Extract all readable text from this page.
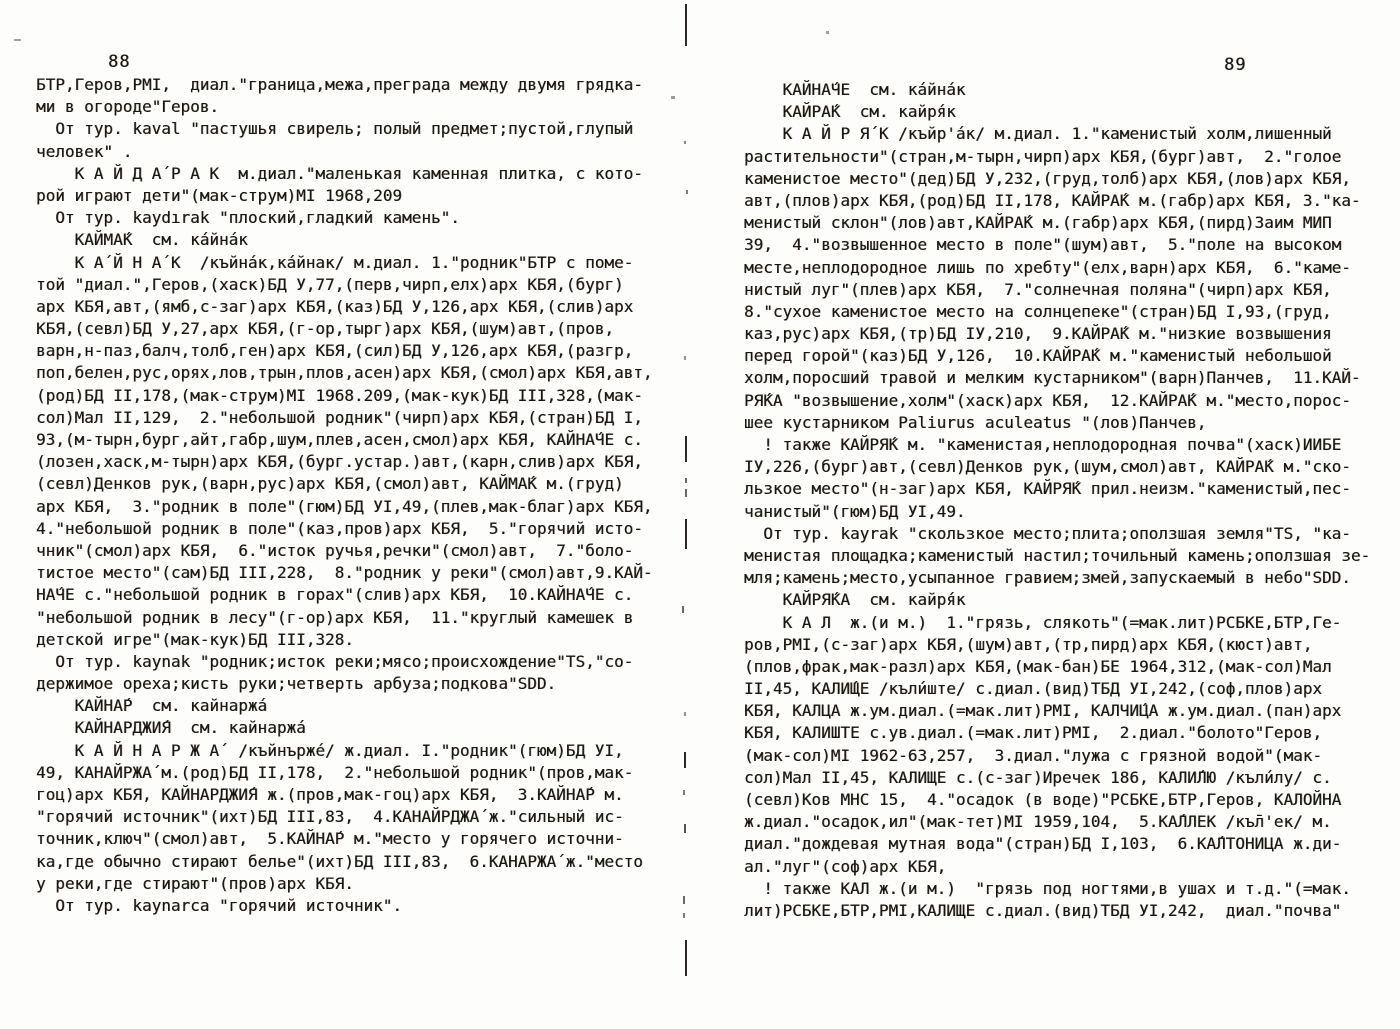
88
БТР,Геров,РМI,  диал."граница,межа,преграда между двумя грядка-
ми в огороде"Геров.
От тур. kaval "пастушья свирель; полый предмет;пустой,глупый
человек" .
К А Й Д А́ Р А К  м.диал."маленькая каменная плитка, с кото-
рой играют дети"(мак-струм)МI 1968,209
От тур. kaydırak "плоский,гладкий камень".
КАЙМА́К  см. ка́йна́к
К А́ Й Н А́ К  /къйна́к,ка́йнак/ м.диал. 1."родник"БТР с поме-
той "диал.",Геров,(хаск)БД У,77,(перв,чирп,елх)арх КБЯ,(бург)
арх КБЯ,авт,(ямб,с-заг)арх КБЯ,(каз)БД У,126,арх КБЯ,(слив)арх
КБЯ,(севл)БД У,27,арх КБЯ,(г-ор,тырг)арх КБЯ,(шум)авт,(пров,
варн,н-паз,балч,толб,ген)арх КБЯ,(сил)БД У,126,арх КБЯ,(разгр,
поп,белен,рус,орях,лов,трын,плов,асен)арх КБЯ,(смол)арх КБЯ,авт,
(род)БД II,178,(мак-струм)МI 1968.209,(мак-кук)БД III,328,(мак-
сол)Мал II,129,  2."небольшой родник"(чирп)арх КБЯ,(стран)БД I,
93,(м-тырн,бург,айт,габр,шум,плев,асен,смол)арх КБЯ, КАЙНА́ЧЕ с.
(лозен,хаск,м-тырн)арх КБЯ,(бург.устар.)авт,(карн,слив)арх КБЯ,
(севл)Денков рук,(варн,рус)арх КБЯ,(смол)авт, КАЙМА́К м.(груд)
арх КБЯ,  3."родник в поле"(гюм)БД УI,49,(плев,мак-благ)арх КБЯ,
4."небольшой родник в поле"(каз,пров)арх КБЯ,  5."горячий исто-
чник"(смол)арх КБЯ,  6."исток ручья,речки"(смол)авт,  7."боло-
тистое место"(сам)БД III,228,  8."родник у реки"(смол)авт,9.КАЙ-
НА́ЧЕ с."небольшой родник в горах"(слив)арх КБЯ,  10.КАЙНА́ЧЕ с.
"небольшой родник в лесу"(г-ор)арх КБЯ,  11."круглый камешек в
детской игре"(мак-кук)БД III,328.
От тур. kaynak "родник;исток реки;мясо;происхождение"TS,"со-
держимое ореха;кисть руки;четверть арбуза;подкова"SDD.
КАЙНА́Р  см. кайнаржа́
КАЙНАРДЖИ́Я  см. кайнаржа́
К А Й Н А Р Ж А́  /къйнърже́/ ж.диал. I."родник"(гюм)БД УI,
49, КАНАЙРЖА́ м.(род)БД II,178,  2."небольшой родник"(пров,мак-
гоц)арх КБЯ, КАЙНАРДЖИ́Я ж.(пров,мак-гоц)арх КБЯ,  3.КАЙНА́Р м.
"горячий источник"(ихт)БД III,83,  4.КАНАЙРДЖА́ ж."сильный ис-
точник,ключ"(смол)авт,  5.КАЙНА́Р м."место у горячего источни-
ка,где обычно стирают белье"(ихт)БД III,83,  6.КАНАРЖА́ ж."место
у реки,где стирают"(пров)арх КБЯ.
От тур. kaynarca "горячий источник".
89
КАЙНА́ЧЕ  см. ка́йна́к
КАЙРА́К  см. кайря́к
К А Й Р Я́ К /къйр'а́к/ м.диал. 1."каменистый холм,лишенный
растительности"(стран,м-тырн,чирп)арх КБЯ,(бург)авт,  2."голое
каменистое место"(дед)БД У,232,(груд,толб)арх КБЯ,(лов)арх КБЯ,
авт,(плов)арх КБЯ,(род)БД II,178, КАЙРА́К м.(габр)арх КБЯ, 3."ка-
менистый склон"(лов)авт,КАЙРА́К м.(габр)арх КБЯ,(пирд)Заим МИП
39,  4."возвышенное место в поле"(шум)авт,  5."поле на высоком
месте,неплодородное лишь по хребту"(елх,варн)арх КБЯ,  6."каме-
нистый луг"(плев)арх КБЯ,  7."солнечная поляна"(чирп)арх КБЯ,
8."сухое каменистое место на солнцепеке"(стран)БД I,93,(груд,
каз,рус)арх КБЯ,(тр)БД IУ,210,  9.КАЙРА́К м."низкие возвышения
перед горой"(каз)БД У,126,  10.КАЙРА́К м."каменистый небольшой
холм,поросший травой и мелким кустарником"(варн)Панчев,  11.КАЙ-
РЯ́КА "возвышение,холм"(хаск)арх КБЯ,  12.КАЙРА́К м."место,порос-
шее кустарником Paliurus aculeatus "(лов)Панчев,
! также КАЙРЯ́К м. "каменистая,неплодородная почва"(хаск)ИИБЕ
IУ,226,(бург)авт,(севл)Денков рук,(шум,смол)авт, КАЙРА́К м."ско-
льзкое место"(н-заг)арх КБЯ, КАЙРЯ́К прил.неизм."каменистый,пес-
чанистый"(гюм)БД УI,49.
От тур. kayrak "скользкое место;плита;оползшая земля"TS, "ка-
менистая площадка;каменистый настил;точильный камень;оползшая зе-
мля;камень;место,усыпанное гравием;змей,запускаемый в небо"SDD.
КАЙРЯ́КА  см. кайря́к
К А Л  ж.(и м.)  1."грязь, слякоть"(=мак.лит)РСБКЕ,БТР,Ге-
ров,РМI,(с-заг)арх КБЯ,(шум)авт,(тр,пирд)арх КБЯ,(кюст)авт,
(плов,фрак,мак-разл)арх КБЯ,(мак-бан)БЕ 1964,312,(мак-сол)Мал
II,45, КАЛИ́ЩЕ /къли́ште/ с.диал.(вид)ТБД УI,242,(соф,плов)арх
КБЯ, КАЛЦА ж.ум.диал.(=мак.лит)РМI, КАЛЧИ́ЦА ж.ум.диал.(пан)арх
КБЯ, КАЛИШТЕ с.ув.диал.(=мак.лит)РМI,  2.диал."болото"Геров,
(мак-сол)МI 1962-63,257,  3.диал."лужа с грязной водой"(мак-
сол)Мал II,45, КАЛИЩЕ с.(с-заг)Иречек 186, КАЛИ́ЛЮ /къли́лу/ с.
(севл)Ков МНС 15,  4."осадок (в воде)"РСБКЕ,БТР,Геров, КАЛОЙНА
ж.диал."осадок,ил"(мак-тет)МI 1959,104,  5.КА́ЛЛЕК /къл̄'ек/ м.
диал."дождевая мутная вода"(стран)БД I,103,  6.КА́ЛТОНИЦА ж.ди-
ал."луг"(соф)арх КБЯ,
! также КАЛ ж.(и м.)  "грязь под ногтями,в ушах и т.д."(=мак.
лит)РСБКЕ,БТР,РМI,КАЛИЩЕ с.диал.(вид)ТБД УI,242,  диал."почва"
